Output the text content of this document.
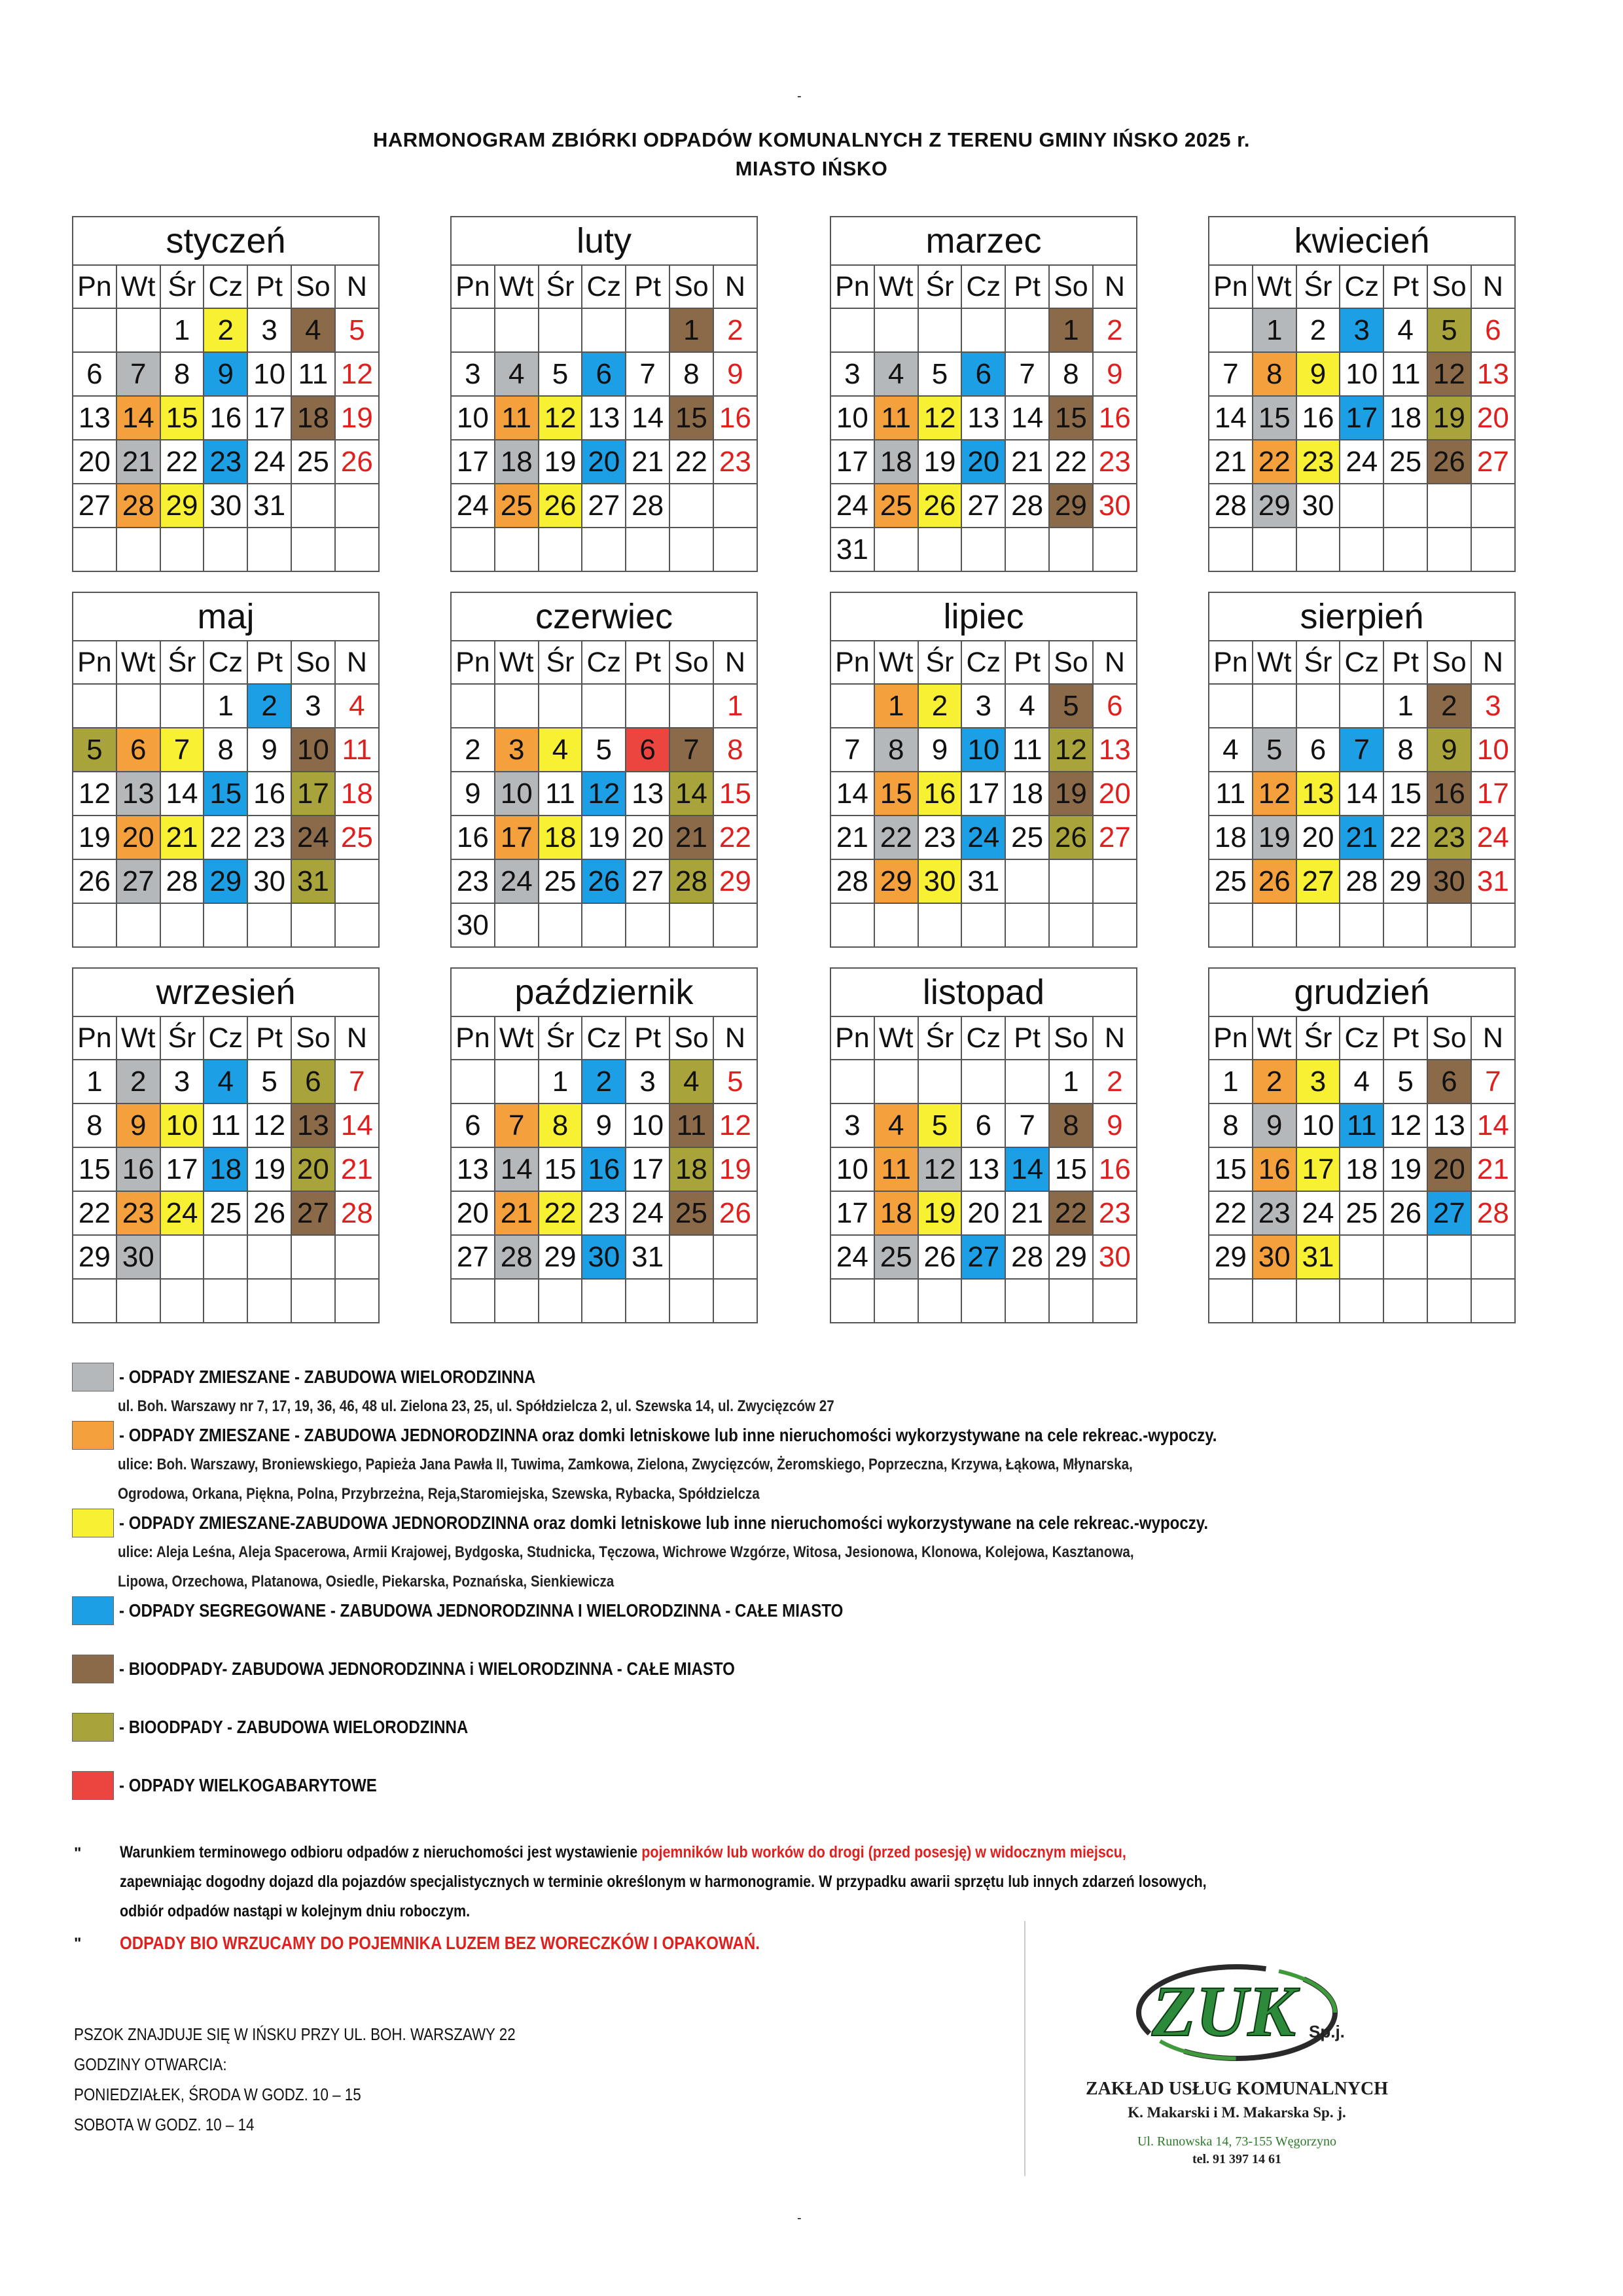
-
HARMONOGRAM ZBIÓRKI ODPADÓW KOMUNALNYCH Z TERENU GMINY IŃSKO 2025 r.
MIASTO IŃSKO
styczeń						
Pn	Wt	Śr	Cz	Pt	So	N
		1	2	3	4	5
6	7	8	9	10	11	12
13	14	15	16	17	18	19
20	21	22	23	24	25	26
27	28	29	30	31		

luty						
Pn	Wt	Śr	Cz	Pt	So	N
					1	2
3	4	5	6	7	8	9
10	11	12	13	14	15	16
17	18	19	20	21	22	23
24	25	26	27	28		

marzec						
Pn	Wt	Śr	Cz	Pt	So	N
					1	2
3	4	5	6	7	8	9
10	11	12	13	14	15	16
17	18	19	20	21	22	23
24	25	26	27	28	29	30
31						
kwiecień						
Pn	Wt	Śr	Cz	Pt	So	N
	1	2	3	4	5	6
7	8	9	10	11	12	13
14	15	16	17	18	19	20
21	22	23	24	25	26	27
28	29	30				

maj						
Pn	Wt	Śr	Cz	Pt	So	N
			1	2	3	4
5	6	7	8	9	10	11
12	13	14	15	16	17	18
19	20	21	22	23	24	25
26	27	28	29	30	31	

czerwiec						
Pn	Wt	Śr	Cz	Pt	So	N
						1
2	3	4	5	6	7	8
9	10	11	12	13	14	15
16	17	18	19	20	21	22
23	24	25	26	27	28	29
30						
lipiec						
Pn	Wt	Śr	Cz	Pt	So	N
	1	2	3	4	5	6
7	8	9	10	11	12	13
14	15	16	17	18	19	20
21	22	23	24	25	26	27
28	29	30	31			

sierpień						
Pn	Wt	Śr	Cz	Pt	So	N
				1	2	3
4	5	6	7	8	9	10
11	12	13	14	15	16	17
18	19	20	21	22	23	24
25	26	27	28	29	30	31

wrzesień						
Pn	Wt	Śr	Cz	Pt	So	N
1	2	3	4	5	6	7
8	9	10	11	12	13	14
15	16	17	18	19	20	21
22	23	24	25	26	27	28
29	30					

październik						
Pn	Wt	Śr	Cz	Pt	So	N
		1	2	3	4	5
6	7	8	9	10	11	12
13	14	15	16	17	18	19
20	21	22	23	24	25	26
27	28	29	30	31		

listopad						
Pn	Wt	Śr	Cz	Pt	So	N
					1	2
3	4	5	6	7	8	9
10	11	12	13	14	15	16
17	18	19	20	21	22	23
24	25	26	27	28	29	30

grudzień						
Pn	Wt	Śr	Cz	Pt	So	N
1	2	3	4	5	6	7
8	9	10	11	12	13	14
15	16	17	18	19	20	21
22	23	24	25	26	27	28
29	30	31				

- ODPADY ZMIESZANE - ZABUDOWA WIELORODZINNA
ul. Boh. Warszawy nr 7, 17, 19, 36, 46, 48 ul. Zielona 23, 25, ul. Spółdzielcza 2, ul. Szewska 14, ul. Zwycięzców 27
- ODPADY ZMIESZANE - ZABUDOWA JEDNORODZINNA oraz domki letniskowe lub inne nieruchomości wykorzystywane na cele rekreac.-wypoczy.
ulice: Boh. Warszawy, Broniewskiego, Papieża Jana Pawła II, Tuwima, Zamkowa, Zielona, Zwycięzców, Żeromskiego, Poprzeczna, Krzywa, Łąkowa, Młynarska,
Ogrodowa, Orkana, Piękna, Polna, Przybrzeżna, Reja,Staromiejska, Szewska, Rybacka, Spółdzielcza
- ODPADY ZMIESZANE-ZABUDOWA JEDNORODZINNA oraz domki letniskowe lub inne nieruchomości wykorzystywane na cele rekreac.-wypoczy.
ulice: Aleja Leśna, Aleja Spacerowa, Armii Krajowej, Bydgoska, Studnicka, Tęczowa, Wichrowe Wzgórze, Witosa, Jesionowa, Klonowa, Kolejowa, Kasztanowa,
Lipowa, Orzechowa, Platanowa, Osiedle, Piekarska, Poznańska, Sienkiewicza
- ODPADY SEGREGOWANE - ZABUDOWA JEDNORODZINNA I WIELORODZINNA - CAŁE MIASTO
- BIOODPADY- ZABUDOWA JEDNORODZINNA i WIELORODZINNA - CAŁE MIASTO
- BIOODPADY - ZABUDOWA WIELORODZINNA
- ODPADY WIELKOGABARYTOWE
" Warunkiem terminowego odbioru odpadów z nieruchomości jest wystawienie pojemników lub worków do drogi (przed posesję) w widocznym miejscu,
zapewniając dogodny dojazd dla pojazdów specjalistycznych w terminie określonym w harmonogramie. W przypadku awarii sprzętu lub innych zdarzeń losowych,
odbiór odpadów nastąpi w kolejnym dniu roboczym.
" ODPADY BIO WRZUCAMY DO POJEMNIKA LUZEM BEZ WORECZKÓW I OPAKOWAŃ.
PSZOK ZNAJDUJE SIĘ W IŃSKU PRZY UL. BOH. WARSZAWY 22
GODZINY OTWARCIA:
PONIEDZIAŁEK, ŚRODA W GODZ. 10 – 15
SOBOTA W GODZ. 10 – 14
ZUK Sp.j.
ZAKŁAD USŁUG KOMUNALNYCH
K. Makarski i M. Makarska Sp. j.
Ul. Runowska 14, 73-155 Węgorzyno
tel. 91 397 14 61
-
